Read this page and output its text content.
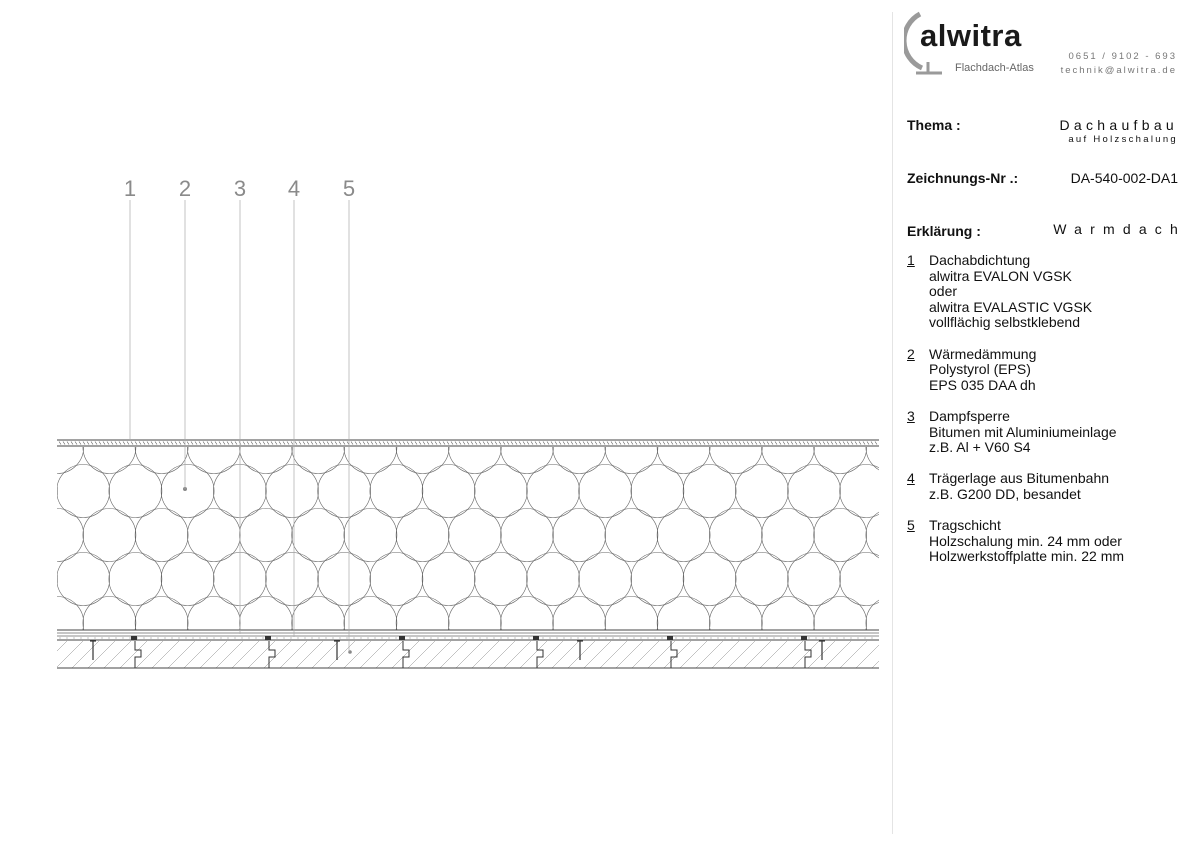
1 2 3 4 5
alwitra
Flachdach-Atlas
0651 / 9102 - 693
technik@alwitra.de
Thema :	Dachaufbau
auf Holzschalung
Zeichnungs-Nr .:	DA-540-002-DA1
Erklärung :	Warmdach
1 Dachabdichtung
alwitra EVALON VGSK
oder
alwitra EVALASTIC VGSK
vollflächig selbstklebend
2 Wärmedämmung
Polystyrol (EPS)
EPS 035 DAA dh
3 Dampfsperre
Bitumen mit Aluminiumeinlage
z.B. Al + V60 S4
4 Trägerlage aus Bitumenbahn
z.B. G200 DD, besandet
5 Tragschicht
Holzschalung min. 24 mm oder
Holzwerkstoffplatte min. 22 mm
